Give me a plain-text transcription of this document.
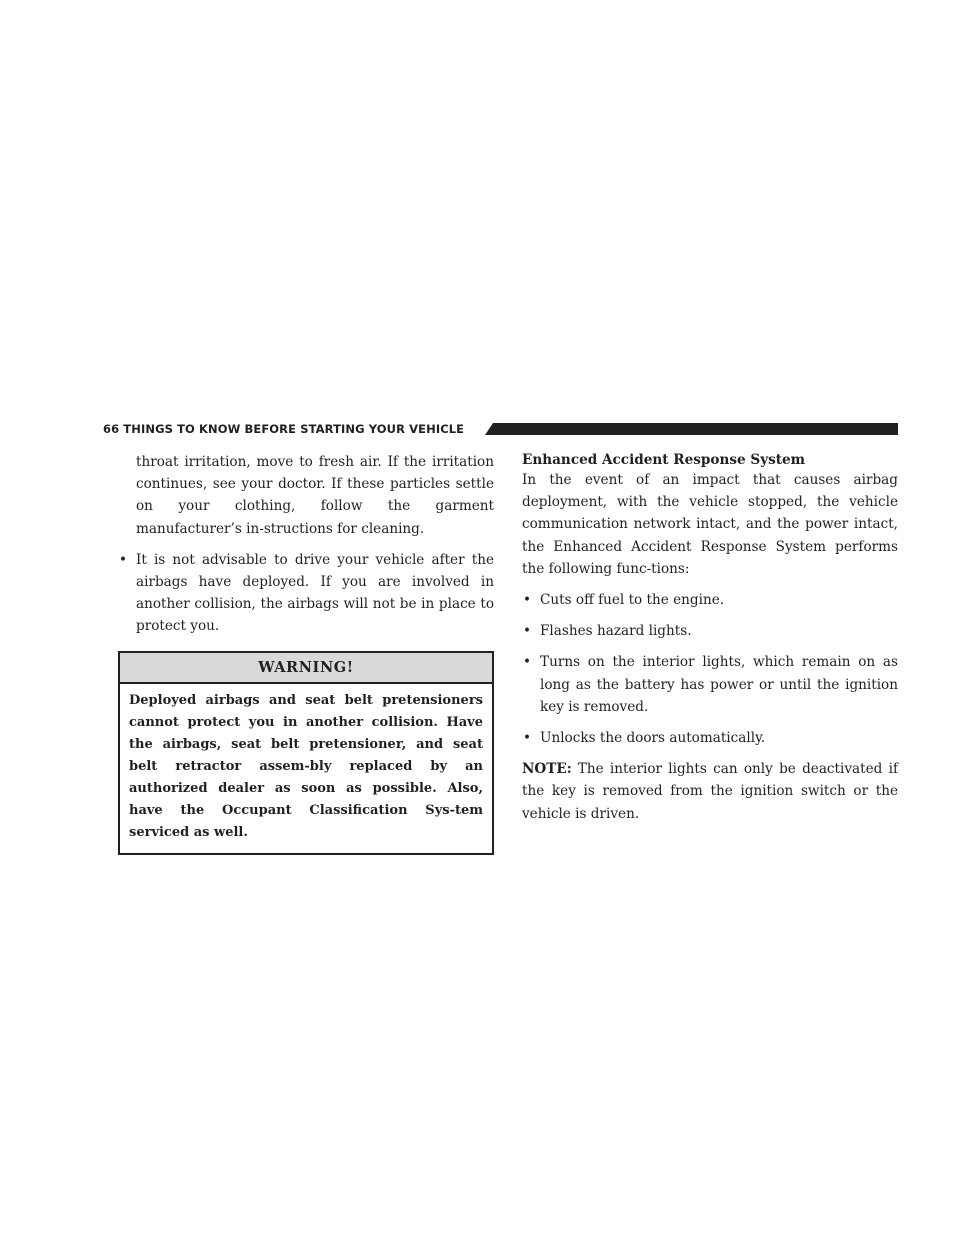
66 THINGS TO KNOW BEFORE STARTING YOUR VEHICLE

throat irritation, move to fresh air. If the irritation continues, see your doctor. If these particles settle on your clothing, follow the garment manufacturer’s in-structions for cleaning.

• It is not advisable to drive your vehicle after the airbags have deployed. If you are involved in another collision, the airbags will not be in place to protect you.
WARNING!
Deployed airbags and seat belt pretensioners cannot protect you in another collision. Have the airbags, seat belt pretensioner, and seat belt retractor assem-bly replaced by an authorized dealer as soon as possible. Also, have the Occupant Classification Sys-tem serviced as well.
Enhanced Accident Response System

In the event of an impact that causes airbag deployment, with the vehicle stopped, the vehicle communication network intact, and the power intact, the Enhanced Accident Response System performs the following func-tions:

• Cuts off fuel to the engine.
• Flashes hazard lights.
• Turns on the interior lights, which remain on as long as the battery has power or until the ignition key is removed.
• Unlocks the doors automatically.

NOTE: The interior lights can only be deactivated if the key is removed from the ignition switch or the vehicle is driven.
